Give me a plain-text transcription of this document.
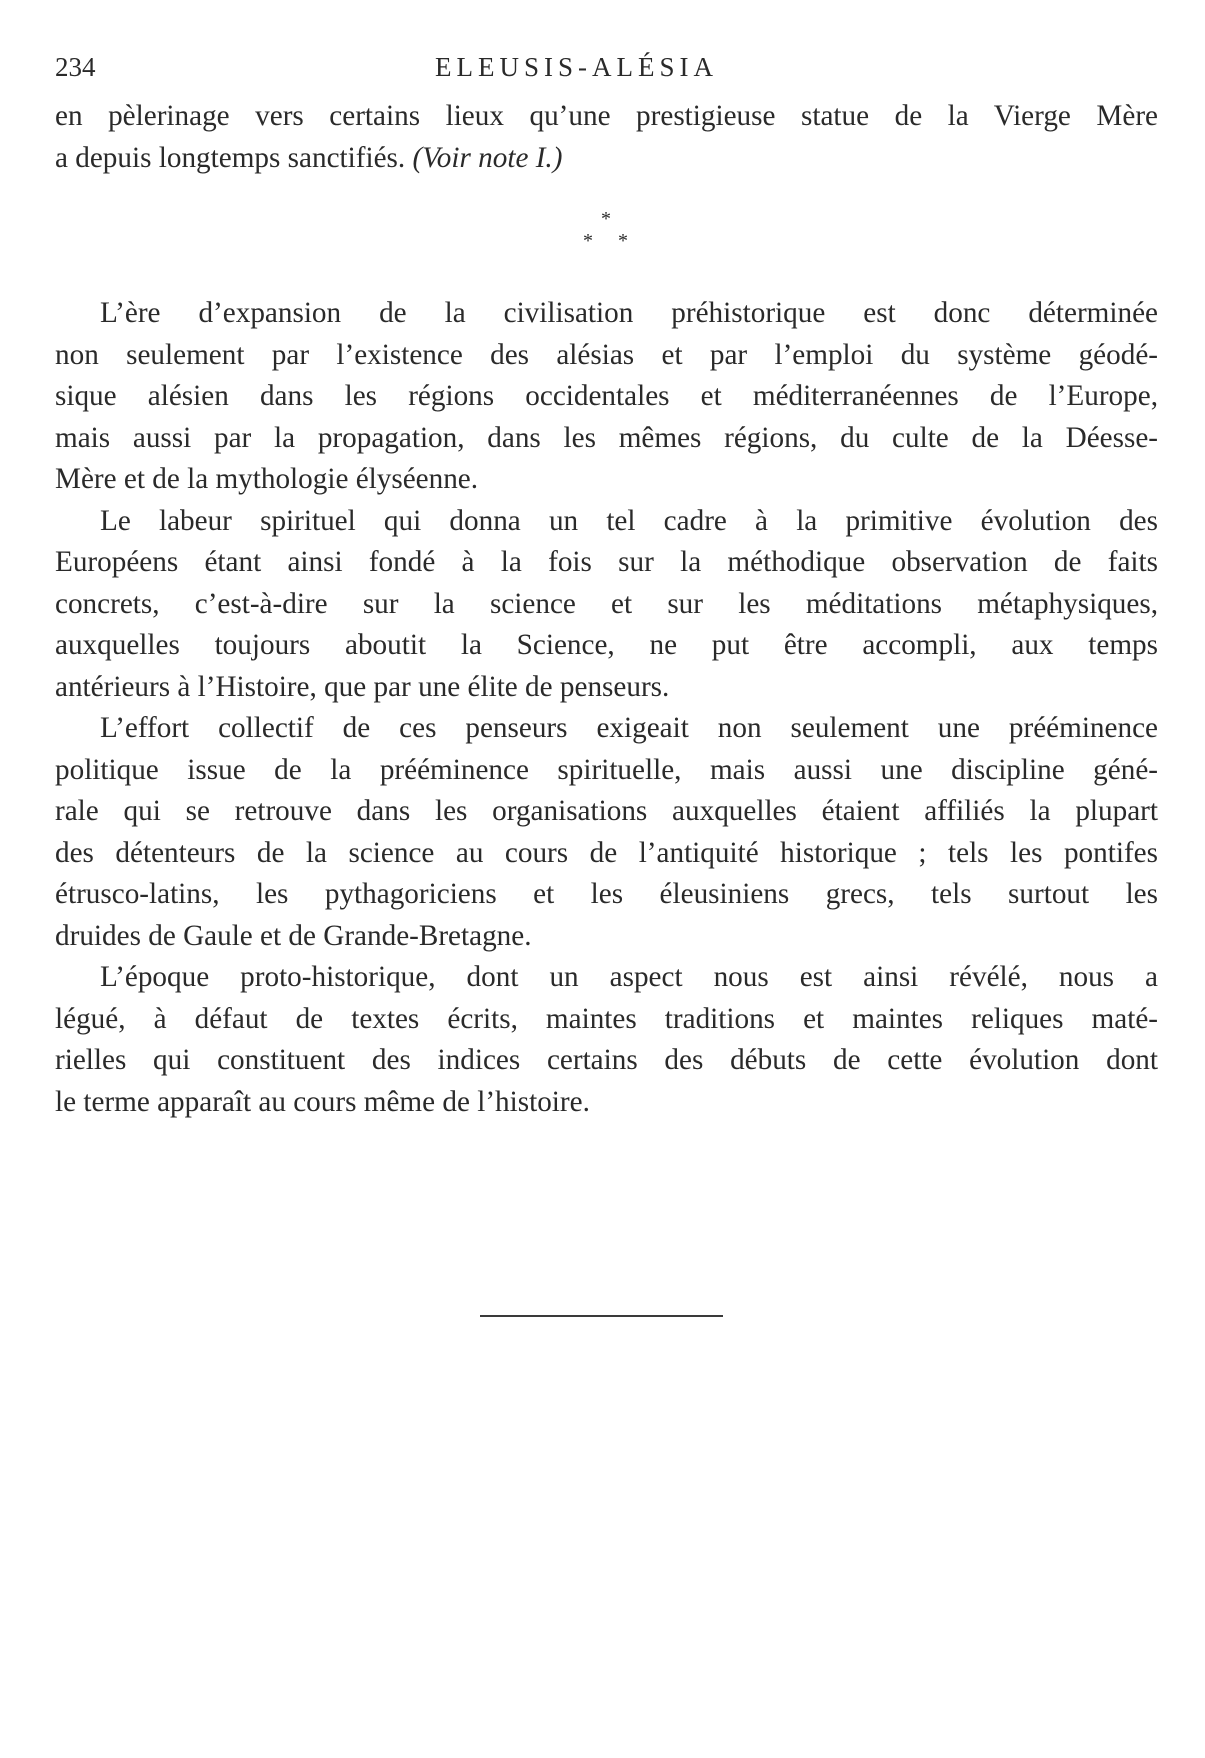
234	ELEUSIS-ALÉSIA
en pèlerinage vers certains lieux qu’une prestigieuse statue de la Vierge Mère
a depuis longtemps sanctifiés. (Voir note I.)
*
* *
L’ère d’expansion de la civilisation préhistorique est donc déterminée
non seulement par l’existence des alésias et par l’emploi du système géodé-
sique alésien dans les régions occidentales et méditerranéennes de l’Europe,
mais aussi par la propagation, dans les mêmes régions, du culte de la Déesse-
Mère et de la mythologie élyséenne.
Le labeur spirituel qui donna un tel cadre à la primitive évolution des
Européens étant ainsi fondé à la fois sur la méthodique observation de faits
concrets, c’est-à-dire sur la science et sur les méditations métaphysiques,
auxquelles toujours aboutit la Science, ne put être accompli, aux temps
antérieurs à l’Histoire, que par une élite de penseurs.
L’effort collectif de ces penseurs exigeait non seulement une prééminence
politique issue de la prééminence spirituelle, mais aussi une discipline géné-
rale qui se retrouve dans les organisations auxquelles étaient affiliés la plupart
des détenteurs de la science au cours de l’antiquité historique ; tels les pontifes
étrusco-latins, les pythagoriciens et les éleusiniens grecs, tels surtout les
druides de Gaule et de Grande-Bretagne.
L’époque proto-historique, dont un aspect nous est ainsi révélé, nous a
légué, à défaut de textes écrits, maintes traditions et maintes reliques maté-
rielles qui constituent des indices certains des débuts de cette évolution dont
le terme apparaît au cours même de l’histoire.
